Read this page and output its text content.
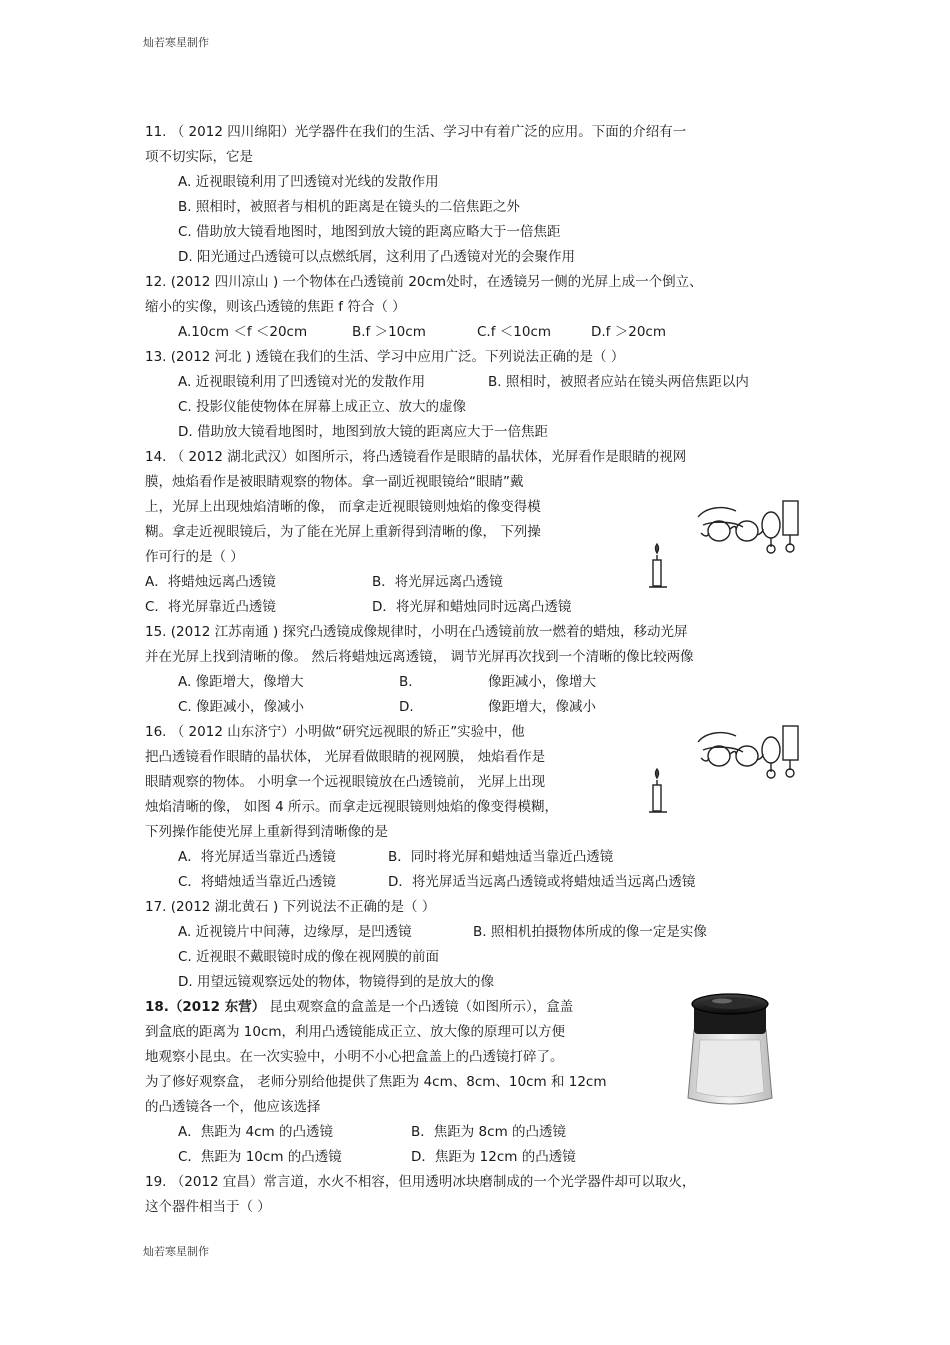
灿若寒星制作
11. （ 2012 四川绵阳）光学器件在我们的生活、学习中有着广泛的应用。下面的介绍有一
项不切实际，它是
A. 近视眼镜利用了凹透镜对光线的发散作用
B. 照相时，被照者与相机的距离是在镜头的二倍焦距之外
C. 借助放大镜看地图时，地图到放大镜的距离应略大于一倍焦距
D. 阳光通过凸透镜可以点燃纸屑，这利用了凸透镜对光的会聚作用
12. (2012 四川凉山 ) 一个物体在凸透镜前 20cm处时，在透镜另一侧的光屏上成一个倒立、
缩小的实像，则该凸透镜的焦距 f 符合（ ）
A.10cm ＜f ＜20cm	B.f ＞10cm	C.f ＜10cm	D.f ＞20cm
13. (2012 河北 ) 透镜在我们的生活、学习中应用广泛。下列说法正确的是（ ）
A. 近视眼镜利用了凹透镜对光的发散作用	B. 照相时，被照者应站在镜头两倍焦距以内
C. 投影仪能使物体在屏幕上成正立、放大的虚像
D. 借助放大镜看地图时，地图到放大镜的距离应大于一倍焦距
14. （ 2012 湖北武汉）如图所示，将凸透镜看作是眼睛的晶状体，光屏看作是眼睛的视网
膜，烛焰看作是被眼睛观察的物体。拿一副近视眼镜给“眼睛”戴
上，光屏上出现烛焰清晰的像， 而拿走近视眼镜则烛焰的像变得模
糊。拿走近视眼镜后，为了能在光屏上重新得到清晰的像， 下列操
作可行的是（ ）
A．将蜡烛远离凸透镜	B．将光屏远离凸透镜
C．将光屏靠近凸透镜	D．将光屏和蜡烛同时远离凸透镜
15. (2012 江苏南通 ) 探究凸透镜成像规律时，小明在凸透镜前放一燃着的蜡烛，移动光屏
并在光屏上找到清晰的像。 然后将蜡烛远离透镜， 调节光屏再次找到一个清晰的像比较两像
A. 像距增大，像增大	B.	像距减小，像增大
C. 像距减小，像减小	D.	像距增大，像减小
16. （ 2012 山东济宁）小明做“研究远视眼的矫正”实验中，他
把凸透镜看作眼睛的晶状体， 光屏看做眼睛的视网膜， 烛焰看作是
眼睛观察的物体。 小明拿一个远视眼镜放在凸透镜前， 光屏上出现
烛焰清晰的像， 如图 4 所示。而拿走远视眼镜则烛焰的像变得模糊，
下列操作能使光屏上重新得到清晰像的是
A．将光屏适当靠近凸透镜	B．同时将光屏和蜡烛适当靠近凸透镜
C．将蜡烛适当靠近凸透镜	D．将光屏适当远离凸透镜或将蜡烛适当远离凸透镜
17. (2012 湖北黄石 ) 下列说法不正确的是（ ）
A. 近视镜片中间薄，边缘厚，是凹透镜	B. 照相机拍摄物体所成的像一定是实像
C. 近视眼不戴眼镜时成的像在视网膜的前面
D. 用望远镜观察远处的物体，物镜得到的是放大的像
18.（2012 东营） 昆虫观察盒的盒盖是一个凸透镜（如图所示），盒盖
到盒底的距离为 10cm，利用凸透镜能成正立、放大像的原理可以方便
地观察小昆虫。在一次实验中，小明不小心把盒盖上的凸透镜打碎了。
为了修好观察盒， 老师分别给他提供了焦距为 4cm、8cm、10cm 和 12cm
的凸透镜各一个，他应该选择
A．焦距为 4cm 的凸透镜	B．焦距为 8cm 的凸透镜
C．焦距为 10cm 的凸透镜	D．焦距为 12cm 的凸透镜
19. （2012 宜昌）常言道，水火不相容，但用透明冰块磨制成的一个光学器件却可以取火，
这个器件相当于（ ）
灿若寒星制作
